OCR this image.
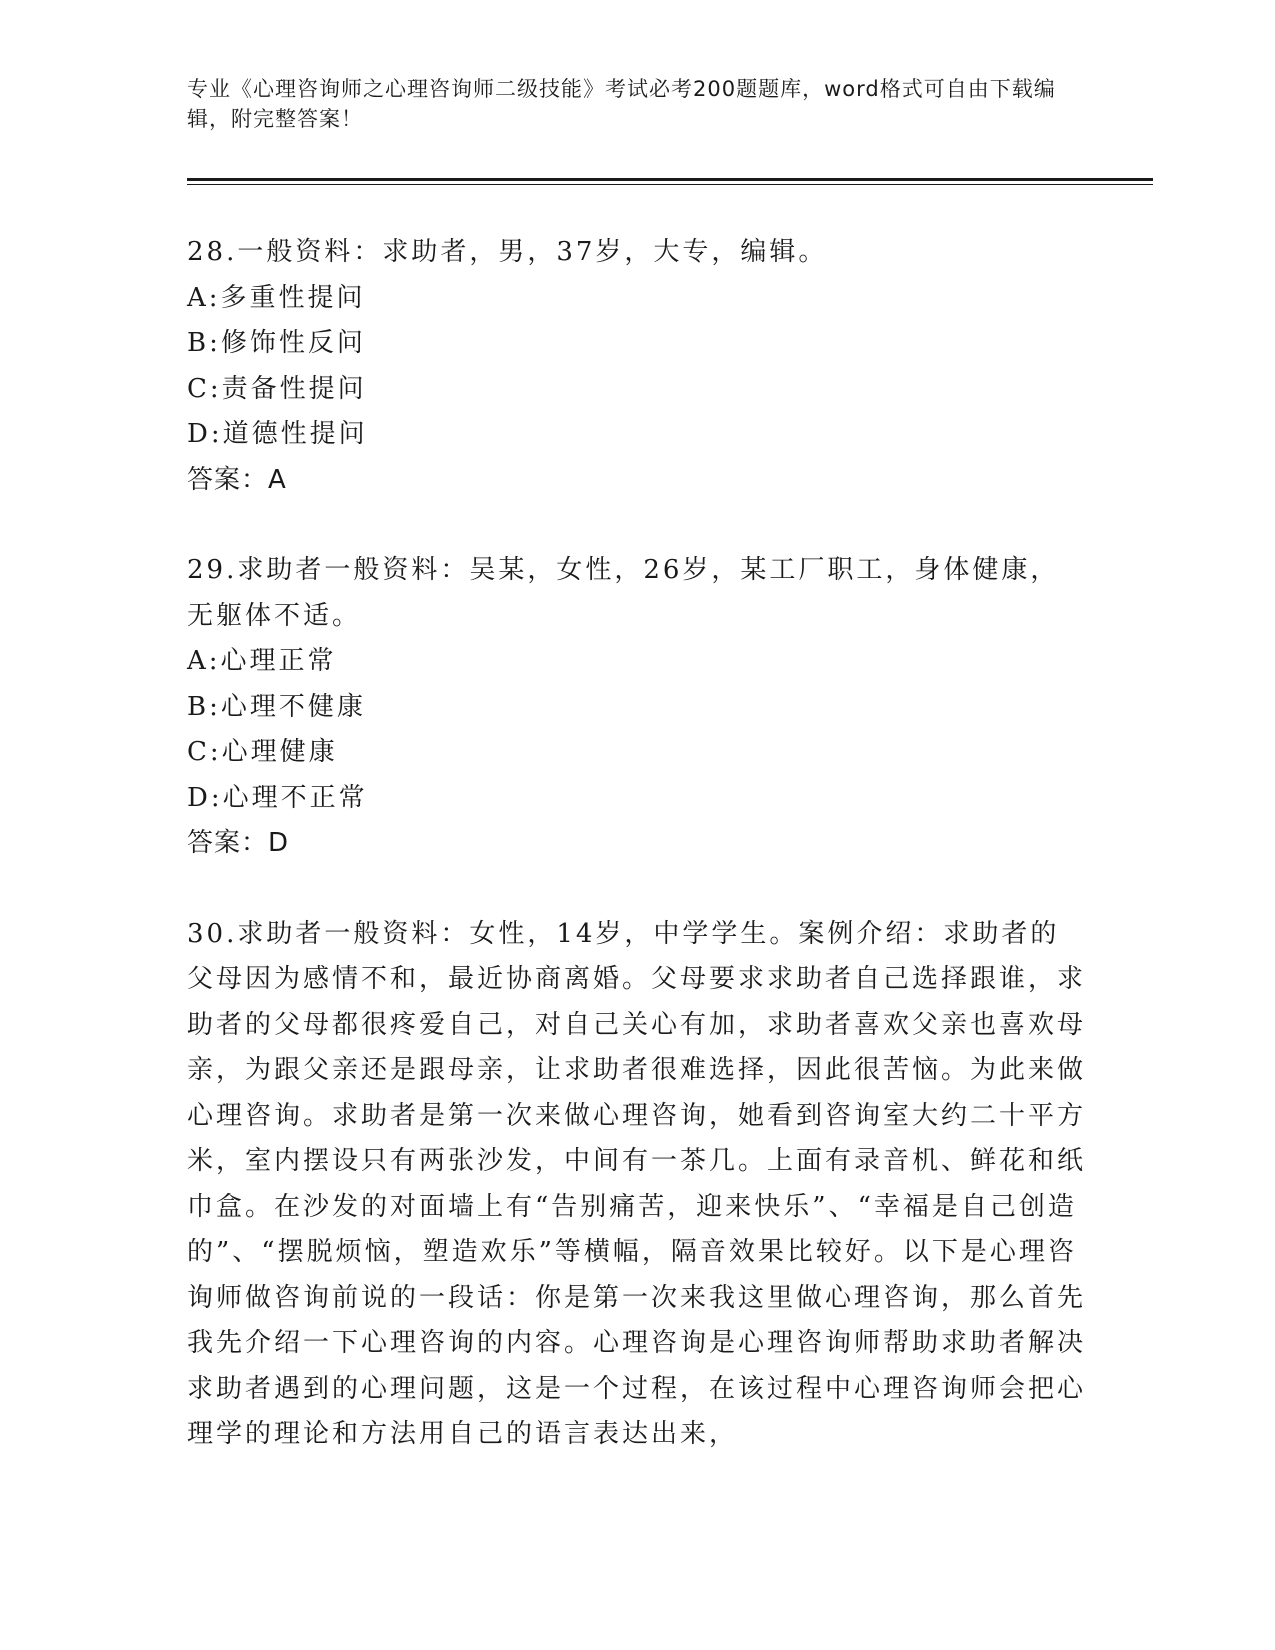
专业《心理咨询师之心理咨询师二级技能》考试必考200题题库，word格式可自由下载编辑，附完整答案！

28.一般资料：求助者，男，37岁，大专，编辑。

A:多重性提问

B:修饰性反问

C:责备性提问

D:道德性提问

答案：A

29.求助者一般资料：吴某，女性，26岁，某工厂职工，身体健康，无躯体不适。

A:心理正常

B:心理不健康

C:心理健康

D:心理不正常

答案：D

30.求助者一般资料：女性，14岁，中学学生。案例介绍：求助者的父母因为感情不和，最近协商离婚。父母要求求助者自己选择跟谁，求助者的父母都很疼爱自己，对自己关心有加，求助者喜欢父亲也喜欢母亲，为跟父亲还是跟母亲，让求助者很难选择，因此很苦恼。为此来做心理咨询。求助者是第一次来做心理咨询，她看到咨询室大约二十平方米，室内摆设只有两张沙发，中间有一茶几。上面有录音机、鲜花和纸巾盒。在沙发的对面墙上有“告别痛苦，迎来快乐”、“幸福是自己创造的”、“摆脱烦恼，塑造欢乐”等横幅，隔音效果比较好。以下是心理咨询师做咨询前说的一段话：你是第一次来我这里做心理咨询，那么首先我先介绍一下心理咨询的内容。心理咨询是心理咨询师帮助求助者解决求助者遇到的心理问题，这是一个过程，在该过程中心理咨询师会把心理学的理论和方法用自己的语言表达出来，
